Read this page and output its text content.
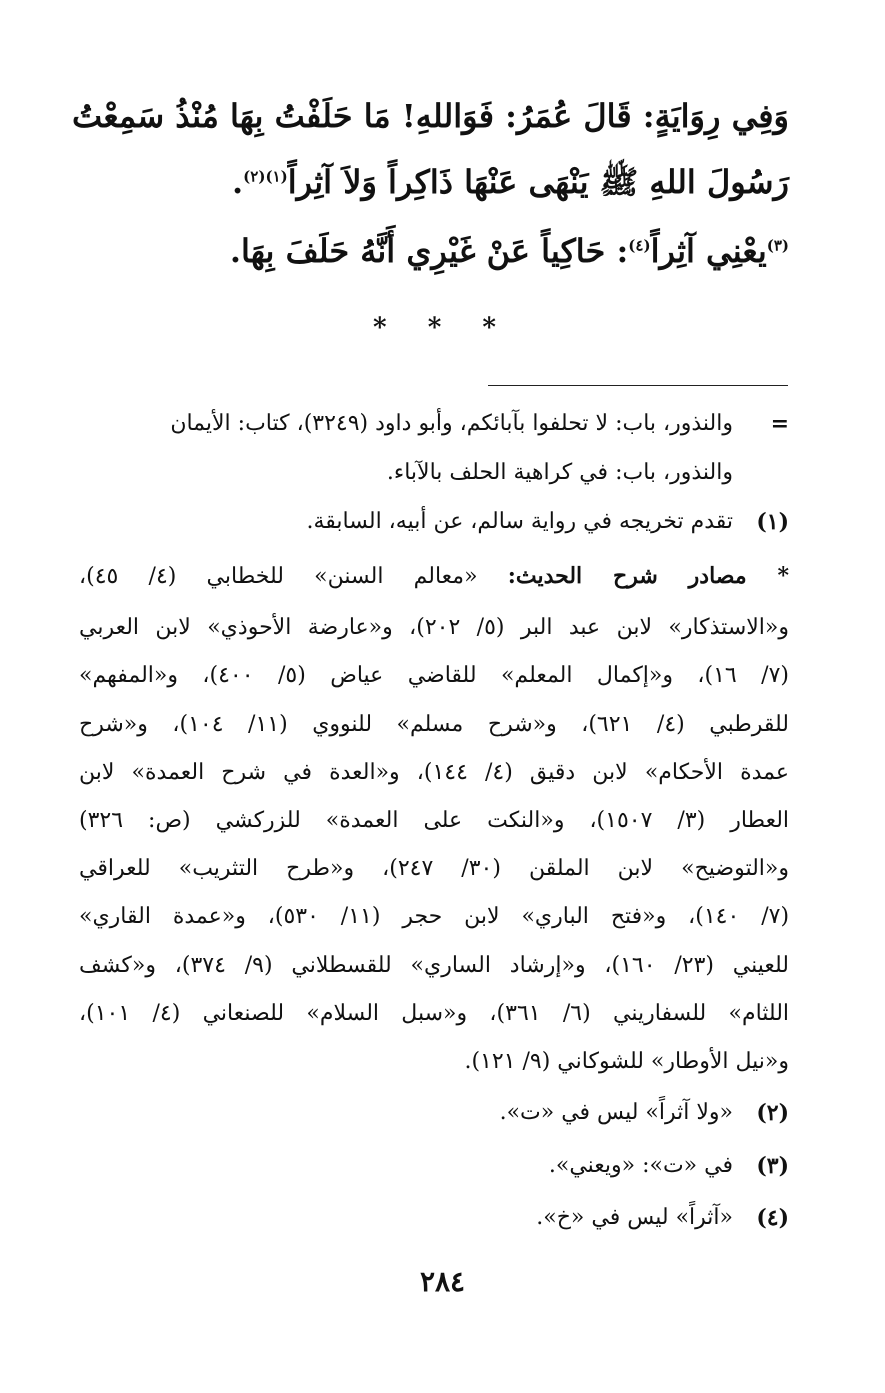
وَفِي رِوَايَةٍ: قَالَ عُمَرُ: فَوَاللهِ! مَا حَلَفْتُ بِهَا مُنْذُ سَمِعْتُ
رَسُولَ اللهِ ﷺ يَنْهَى عَنْهَا ذَاكِراً وَلاَ آثِراً$^{(١)(٢)}$.
$^{(٣)}$يعْنِي آثِراً$^{(٤)}$: حَاكِياً عَنْ غَيْرِي أَنَّهُ حَلَفَ بِهَا.
* * *
=
والنذور، باب: لا تحلفوا بآبائكم، وأبو داود (٣٢٤٩)، كتاب: الأيمان
والنذور، باب: في كراهية الحلف بالآباء.
(١)
تقدم تخريجه في رواية سالم، عن أبيه، السابقة.
* مصادر شرح الحديث: «معالم السنن» للخطابي (٤/ ٤٥)،
و«الاستذكار» لابن عبد البر (٥/ ٢٠٢)، و«عارضة الأحوذي» لابن العربي
(٧/ ١٦)، و«إكمال المعلم» للقاضي عياض (٥/ ٤٠٠)، و«المفهم»
للقرطبي (٤/ ٦٢١)، و«شرح مسلم» للنووي (١١/ ١٠٤)، و«شرح
عمدة الأحكام» لابن دقيق (٤/ ١٤٤)، و«العدة في شرح العمدة» لابن
العطار (٣/ ١٥٠٧)، و«النكت على العمدة» للزركشي (ص: ٣٢٦)
و«التوضيح» لابن الملقن (٣٠/ ٢٤٧)، و«طرح التثريب» للعراقي
(٧/ ١٤٠)، و«فتح الباري» لابن حجر (١١/ ٥٣٠)، و«عمدة القاري»
للعيني (٢٣/ ١٦٠)، و«إرشاد الساري» للقسطلاني (٩/ ٣٧٤)، و«كشف
اللثام» للسفاريني (٦/ ٣٦١)، و«سبل السلام» للصنعاني (٤/ ١٠١)،
و«نيل الأوطار» للشوكاني (٩/ ١٢١).
(٢)
«ولا آثراً» ليس في «ت».
(٣)
في «ت»: «ويعني».
(٤)
«آثراً» ليس في «خ».
٢٨٤
